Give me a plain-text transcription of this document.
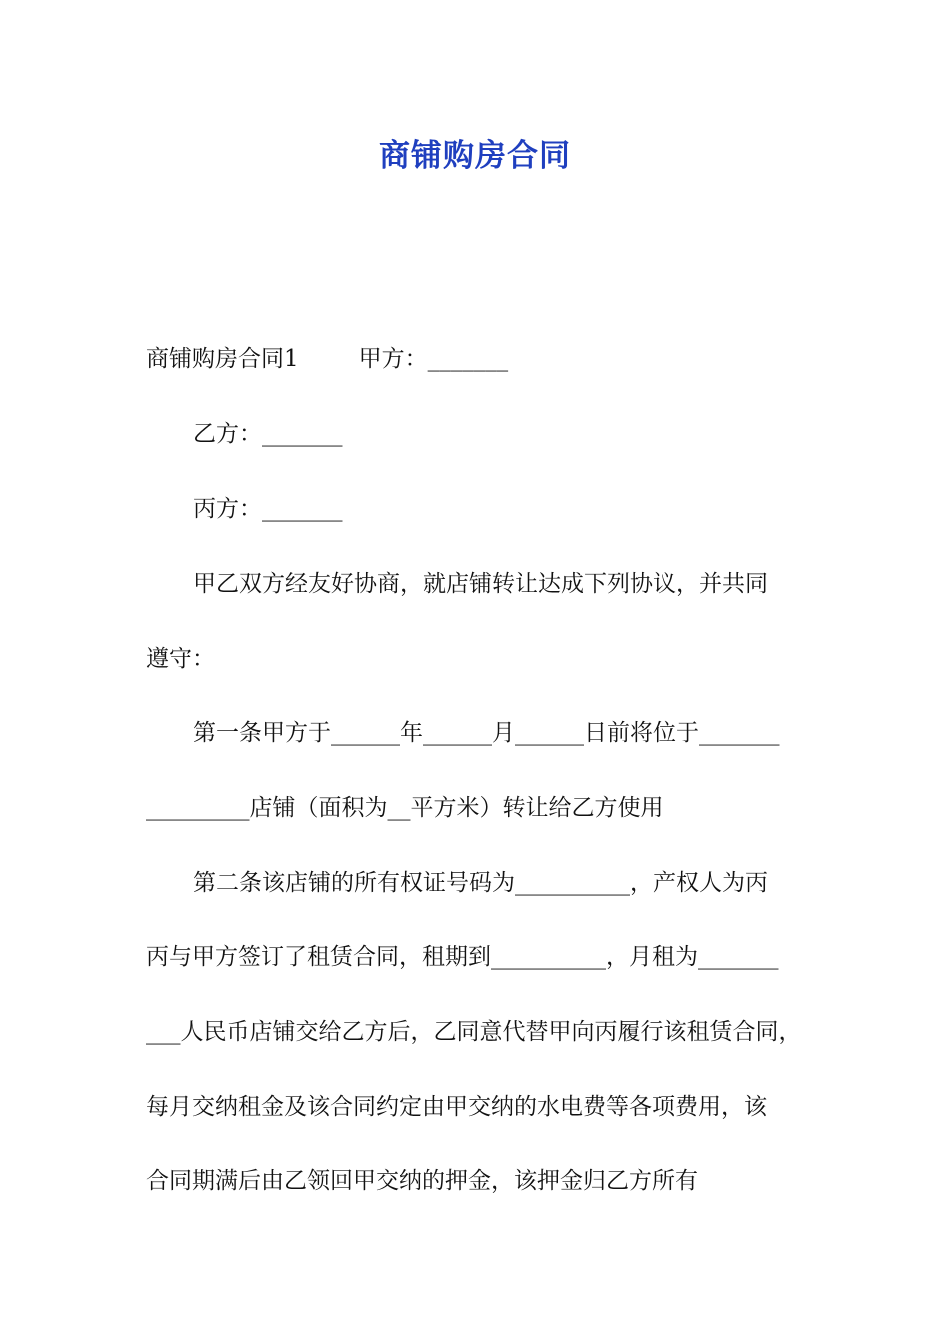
商铺购房合同
商铺购房合同1	甲方：_______
乙方：_______
丙方：_______
甲乙双方经友好协商，就店铺转让达成下列协议，并共同
遵守：
第一条甲方于______年______月______日前将位于_______
_________店铺（面积为__平方米）转让给乙方使用
第二条该店铺的所有权证号码为__________，产权人为丙
丙与甲方签订了租赁合同，租期到__________，月租为_______
___人民币店铺交给乙方后，乙同意代替甲向丙履行该租赁合同，
每月交纳租金及该合同约定由甲交纳的水电费等各项费用，该
合同期满后由乙领回甲交纳的押金，该押金归乙方所有
